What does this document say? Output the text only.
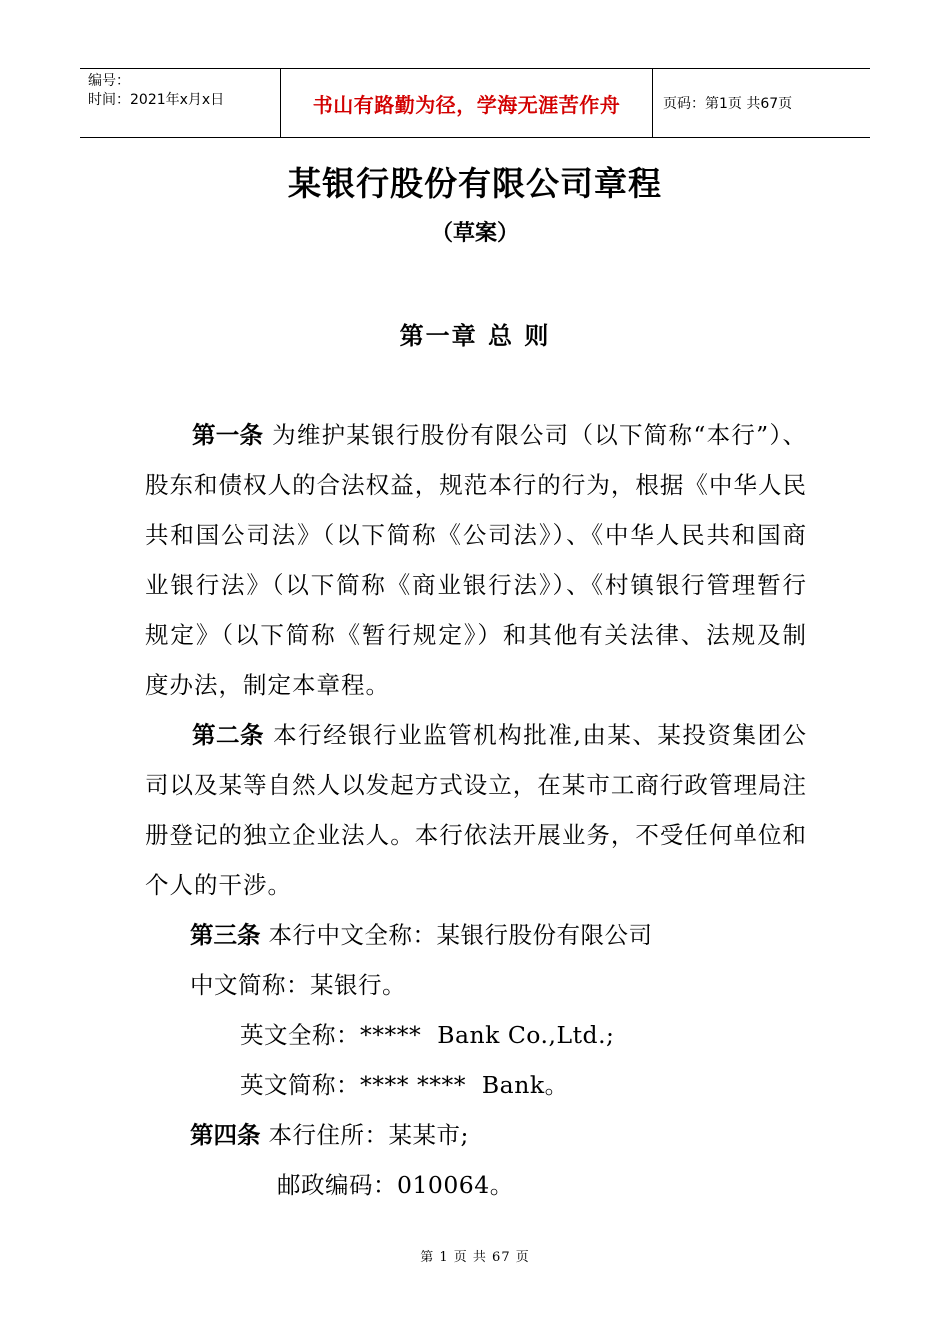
编号：
时间：2021年x月x日	书山有路勤为径，学海无涯苦作舟	页码：第1页 共67页
某银行股份有限公司章程
（草案）
第一章 总 则

第一条 为维护某银行股份有限公司（以下简称“本行”）、股东和债权人的合法权益，规范本行的行为，根据《中华人民共和国公司法》（以下简称《公司法》）、《中华人民共和国商业银行法》（以下简称《商业银行法》）、《村镇银行管理暂行规定》（以下简称《暂行规定》）和其他有关法律、法规及制度办法，制定本章程。

第二条 本行经银行业监管机构批准,由某、某投资集团公司以及某等自然人以发起方式设立，在某市工商行政管理局注册登记的独立企业法人。本行依法开展业务，不受任何单位和个人的干涉。

第三条 本行中文全称：某银行股份有限公司

中文简称：某银行。

英文全称：*****  Bank Co.,Ltd.;

英文简称：**** ****  Bank。

第四条 本行住所：某某市;

邮政编码：010064。

第 1 页 共 67 页
